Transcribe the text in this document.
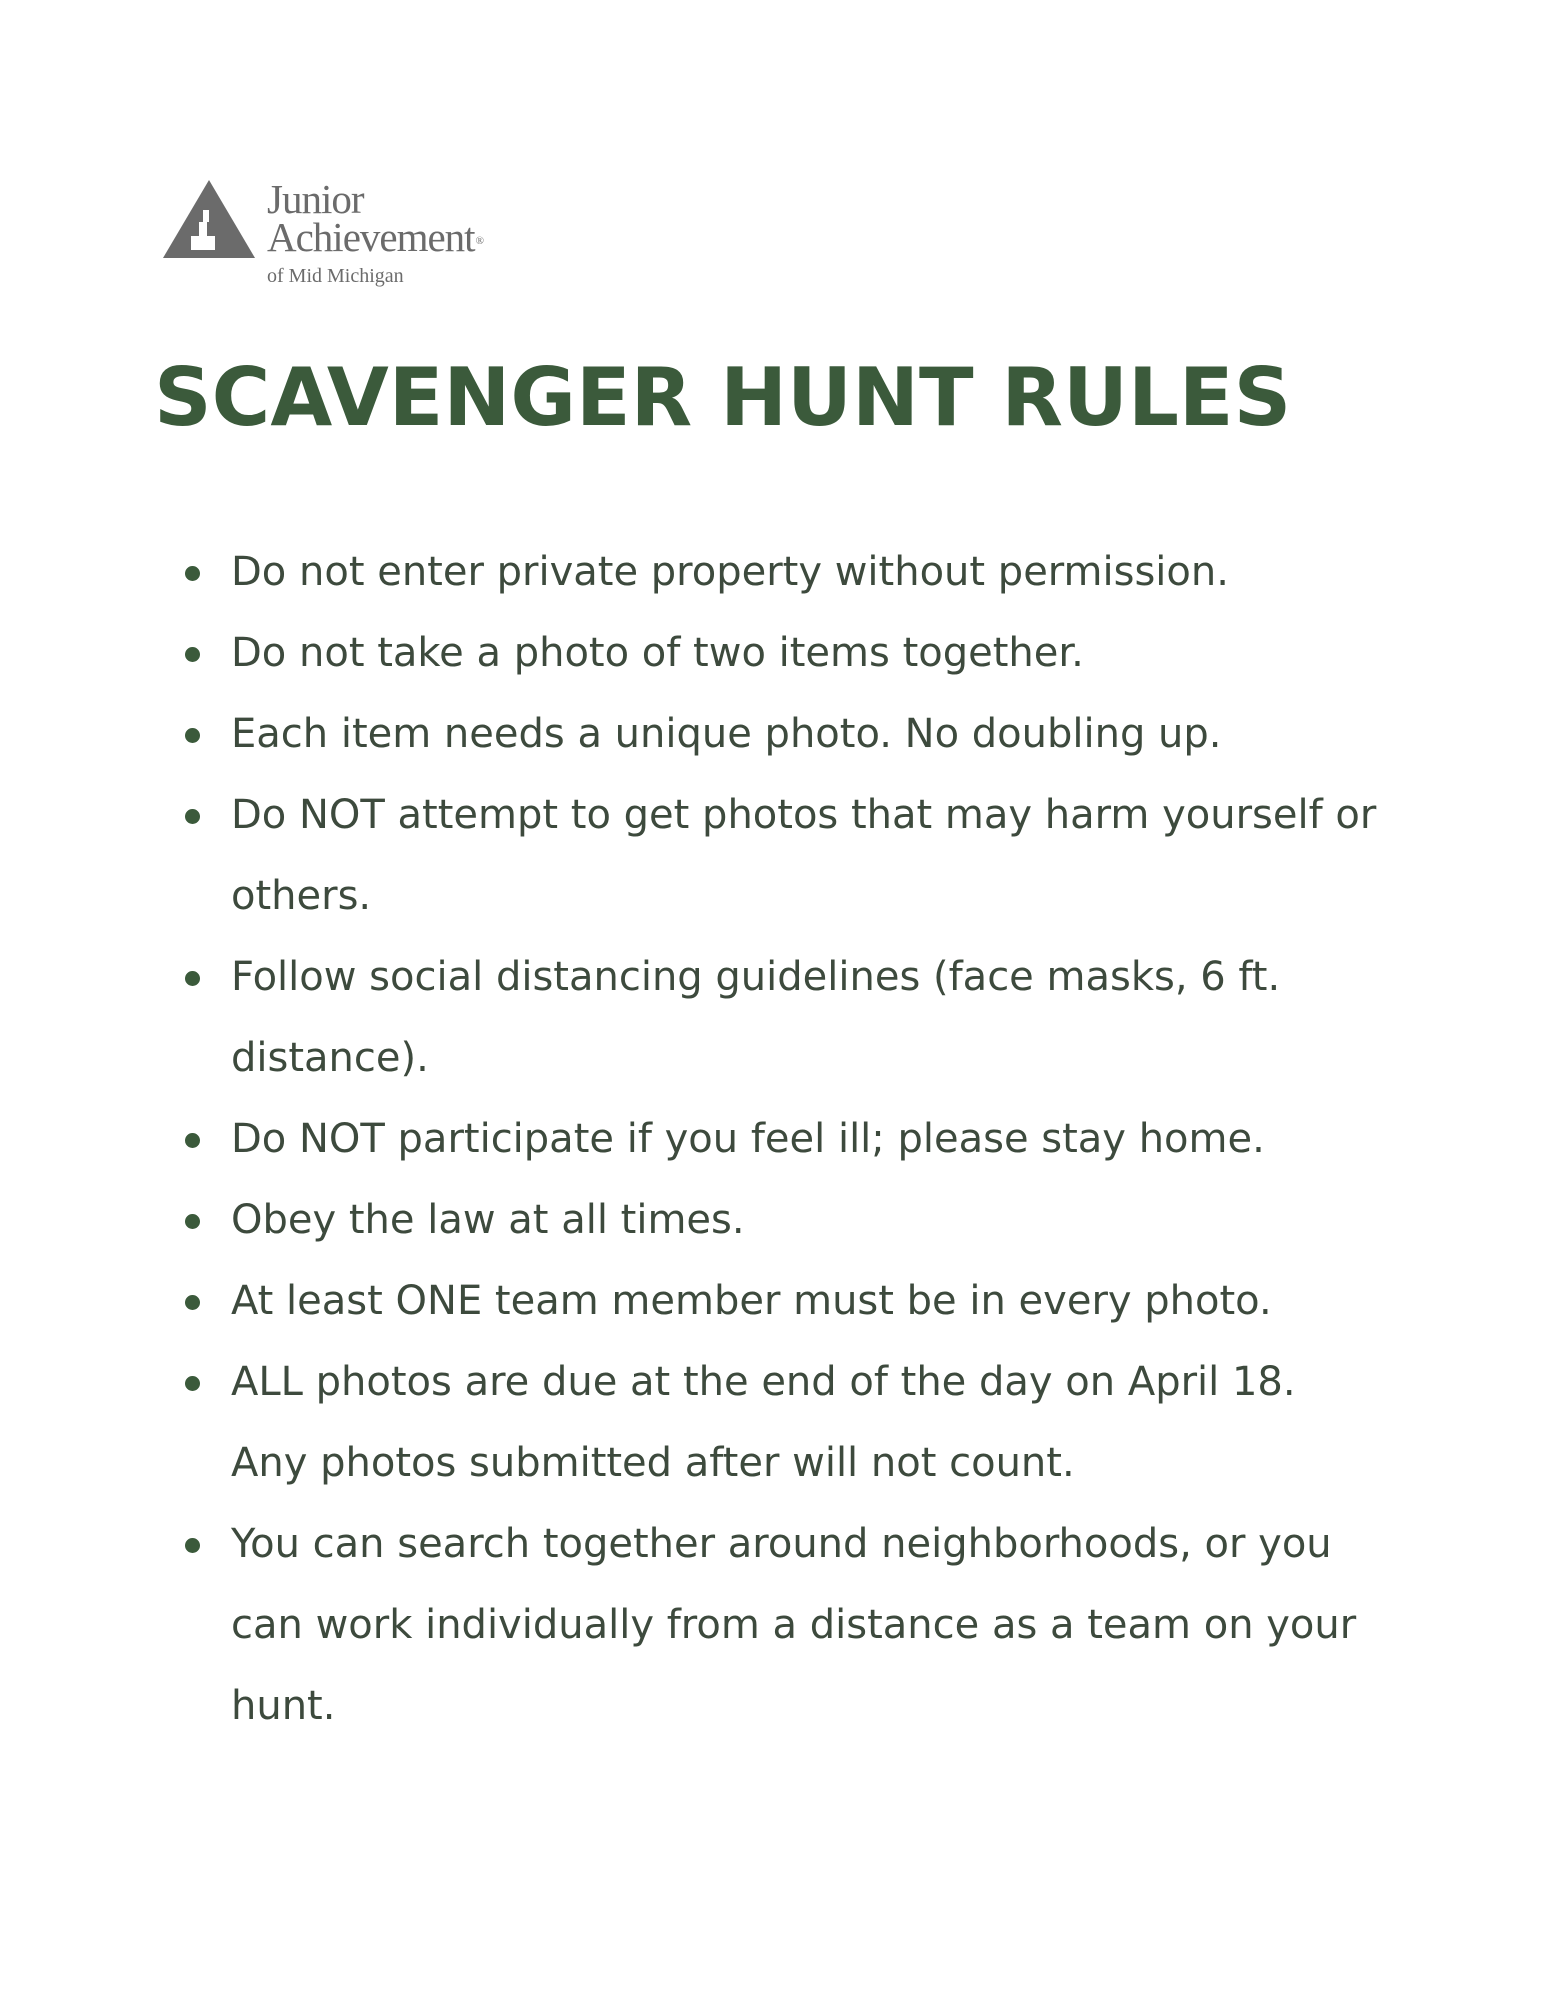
Junior
Achievement®
of Mid Michigan
SCAVENGER HUNT RULES
Do not enter private property without permission.
Do not take a photo of two items together.
Each item needs a unique photo. No doubling up.
Do NOT attempt to get photos that may harm yourself or others.
Follow social distancing guidelines (face masks, 6 ft. distance).
Do NOT participate if you feel ill; please stay home.
Obey the law at all times.
At least ONE team member must be in every photo.
ALL photos are due at the end of the day on April 18. Any photos submitted after will not count.
You can search together around neighborhoods, or you can work individually from a distance as a team on your hunt.
